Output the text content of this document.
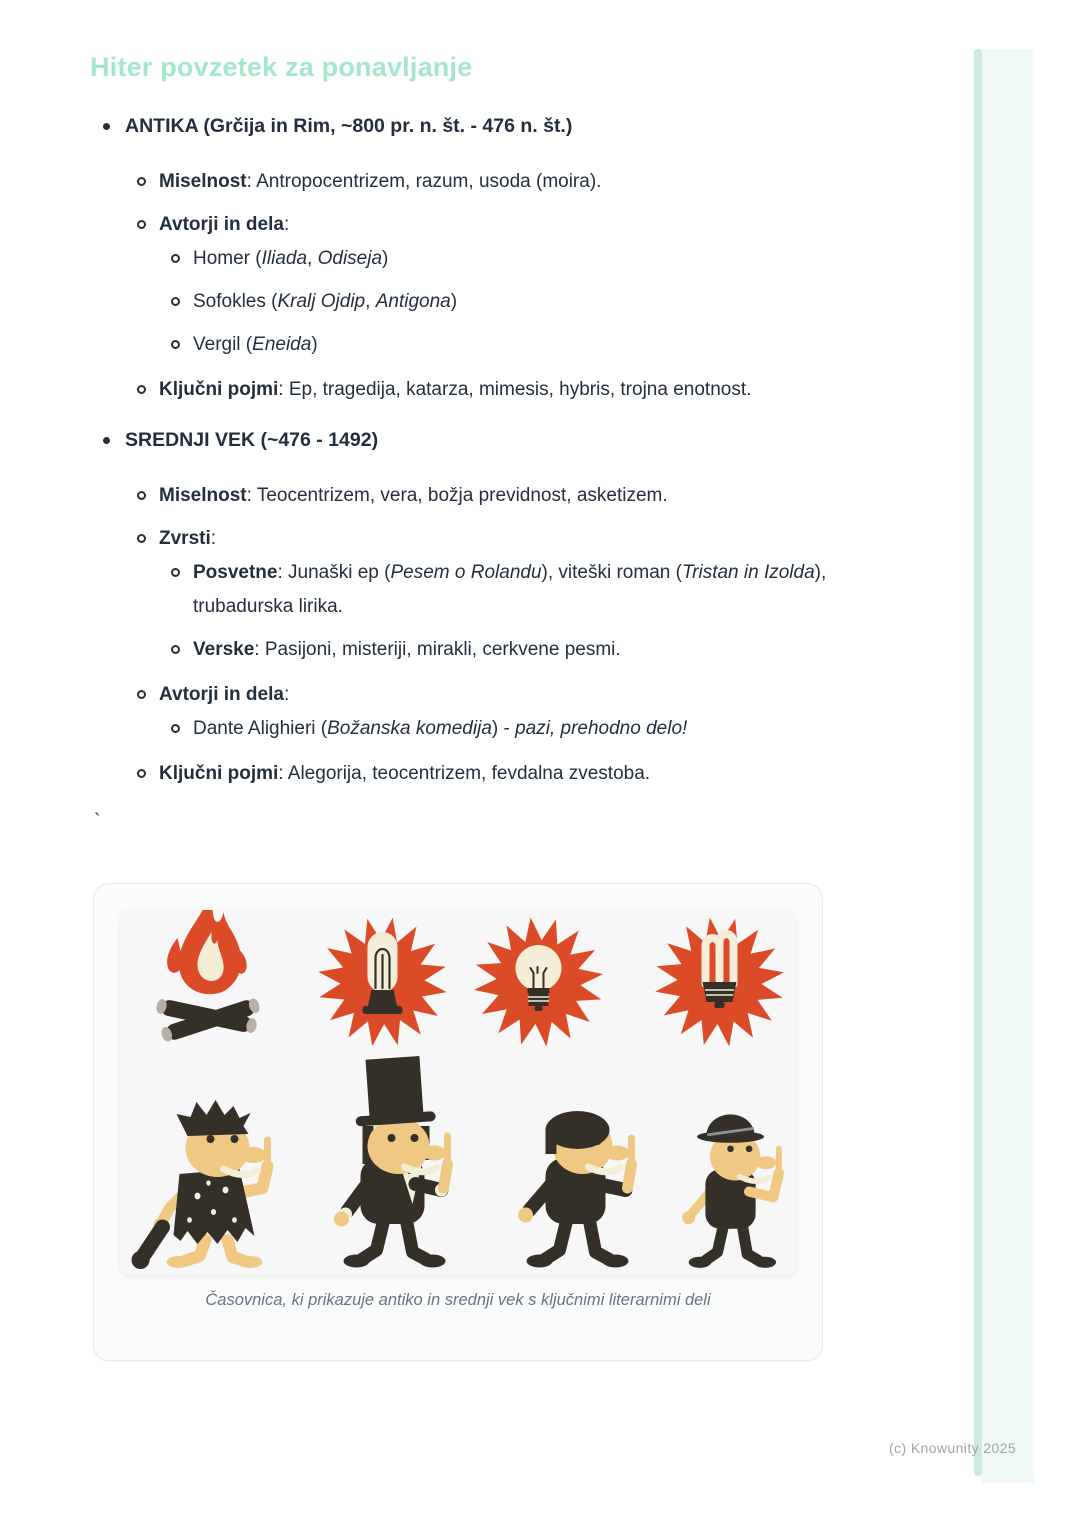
Hiter povzetek za ponavljanje
ANTIKA (Grčija in Rim, ~800 pr. n. št. - 476 n. št.)
Miselnost: Antropocentrizem, razum, usoda (moira).
Avtorji in dela:
Homer (Iliada, Odiseja)
Sofokles (Kralj Ojdip, Antigona)
Vergil (Eneida)
Ključni pojmi: Ep, tragedija, katarza, mimesis, hybris, trojna enotnost.
SREDNJI VEK (~476 - 1492)
Miselnost: Teocentrizem, vera, božja previdnost, asketizem.
Zvrsti:
Posvetne: Junaški ep (Pesem o Rolandu), viteški roman (Tristan in Izolda), trubadurska lirika.
Verske: Pasijoni, misteriji, mirakli, cerkvene pesmi.
Avtorji in dela:
Dante Alighieri (Božanska komedija) - pazi, prehodno delo!
Ključni pojmi: Alegorija, teocentrizem, fevdalna zvestoba.
`
Časovnica, ki prikazuje antiko in srednji vek s ključnimi literarnimi deli
(c) Knowunity 2025
